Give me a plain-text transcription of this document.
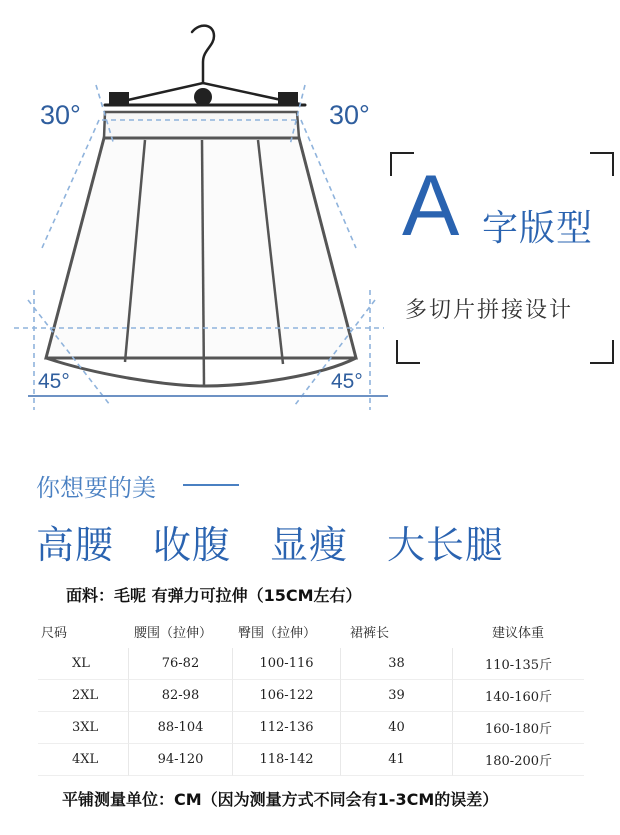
30°	30°
45°	45°
A 字版型
多切片拼接设计
你想要的美
高腰　收腹　显瘦　大长腿
面料：毛呢 有弹力可拉伸（15CM左右）
尺码	腰围（拉伸）	臀围（拉伸）	裙裤长	建议体重
XL	76-82	100-116	38	110-135斤
2XL	82-98	106-122	39	140-160斤
3XL	88-104	112-136	40	160-180斤
4XL	94-120	118-142	41	180-200斤
平铺测量单位：CM（因为测量方式不同会有1-3CM的误差）
